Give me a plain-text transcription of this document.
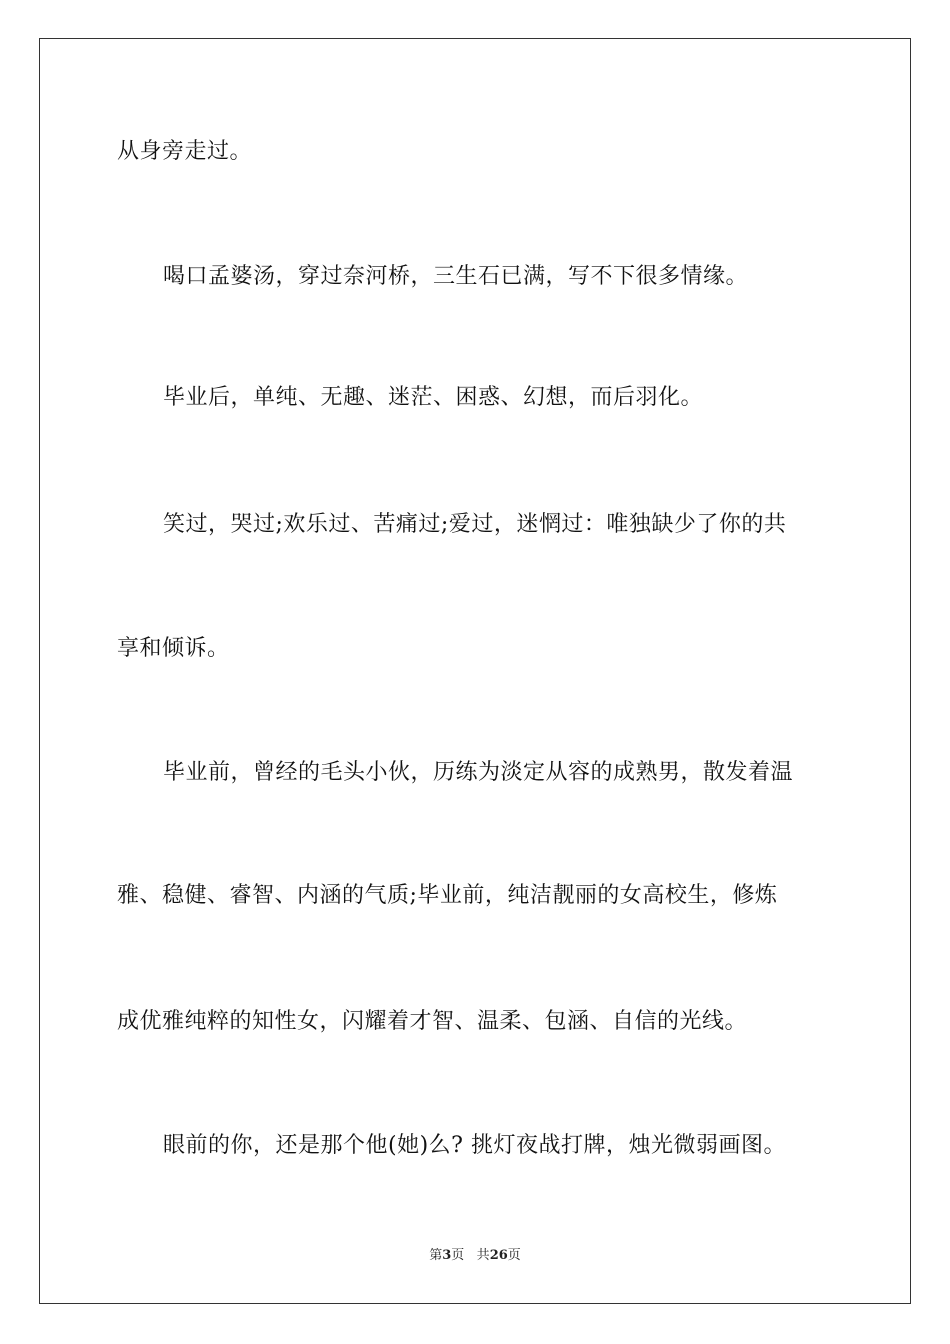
从身旁走过。
喝口孟婆汤，穿过奈河桥，三生石已满，写不下很多情缘。
毕业后，单纯、无趣、迷茫、困惑、幻想，而后羽化。
笑过，哭过;欢乐过、苦痛过;爱过，迷惘过：唯独缺少了你的共
享和倾诉。
毕业前，曾经的毛头小伙，历练为淡定从容的成熟男，散发着温
雅、稳健、睿智、内涵的气质;毕业前，纯洁靓丽的女高校生，修炼
成优雅纯粹的知性女，闪耀着才智、温柔、包涵、自信的光线。
眼前的你，还是那个他(她)么? 挑灯夜战打牌，烛光微弱画图。
第3页 共26页
